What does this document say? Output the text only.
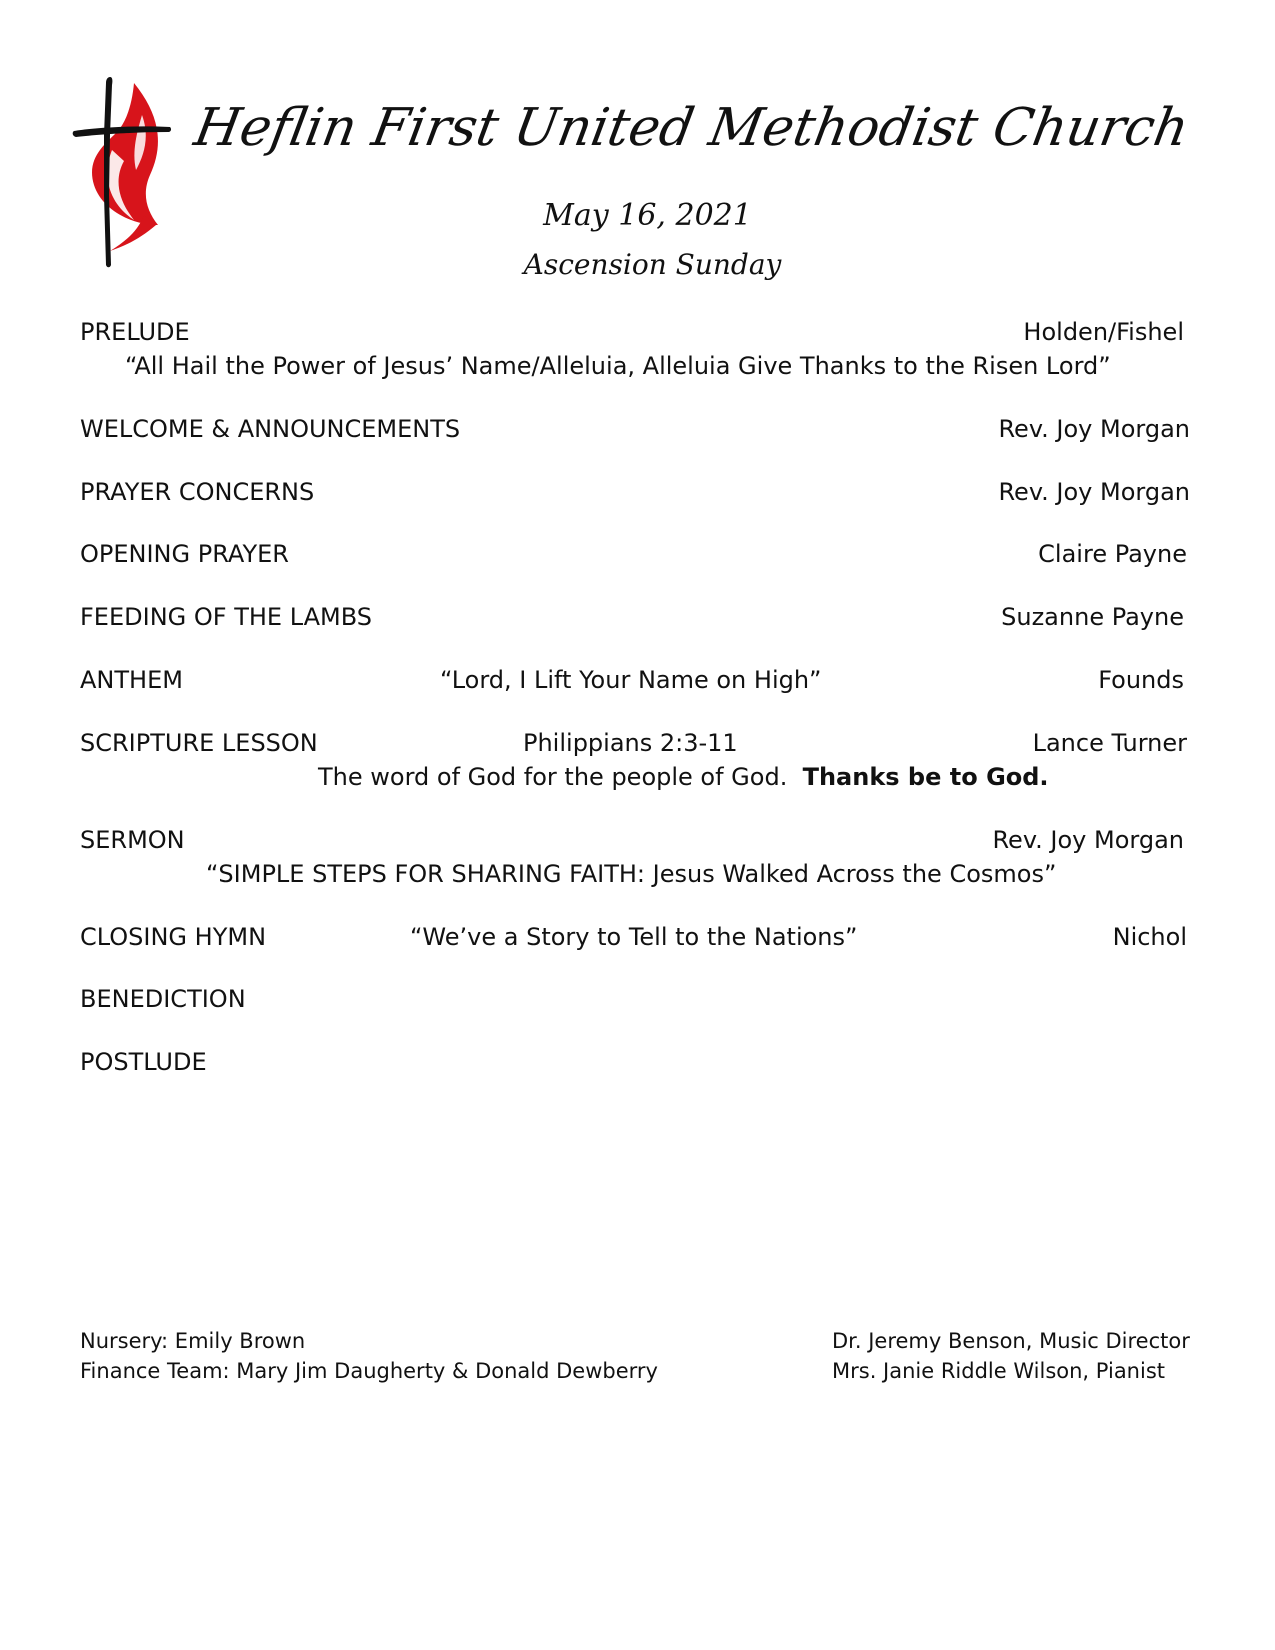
Heflin First United Methodist Church
May 16, 2021
Ascension Sunday
PRELUDE	Holden/Fishel
“All Hail the Power of Jesus’ Name/Alleluia, Alleluia Give Thanks to the Risen Lord”
WELCOME & ANNOUNCEMENTS	Rev. Joy Morgan
PRAYER CONCERNS	Rev. Joy Morgan
OPENING PRAYER	Claire Payne
FEEDING OF THE LAMBS	Suzanne Payne
ANTHEM	“Lord, I Lift Your Name on High”	Founds
SCRIPTURE LESSON	Philippians 2:3-11	Lance Turner
The word of God for the people of God. Thanks be to God.
SERMON	Rev. Joy Morgan
“SIMPLE STEPS FOR SHARING FAITH: Jesus Walked Across the Cosmos”
CLOSING HYMN	“We’ve a Story to Tell to the Nations”	Nichol
BENEDICTION
POSTLUDE
Nursery: Emily Brown
Finance Team: Mary Jim Daugherty & Donald Dewberry
Dr. Jeremy Benson, Music Director
Mrs. Janie Riddle Wilson, Pianist
